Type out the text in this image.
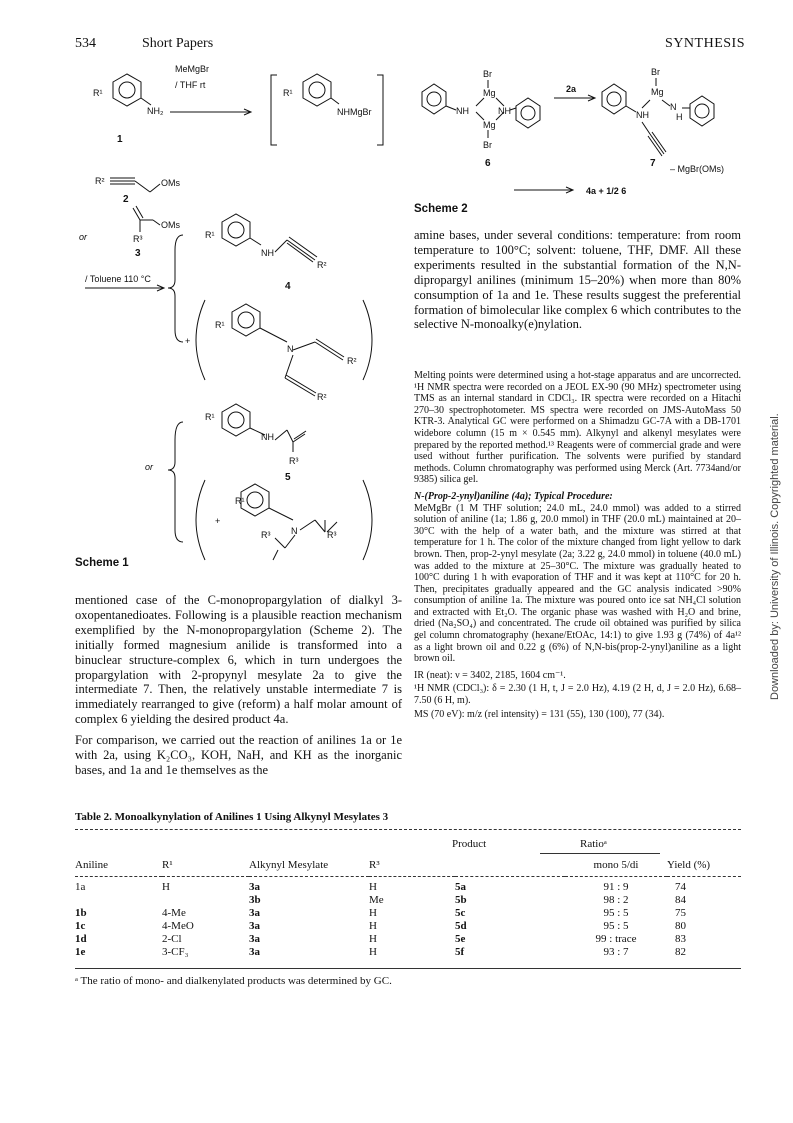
534	Short Papers	SYNTHESIS
Downloaded by: University of Illinois. Copyrighted material.
MeMgBr
/ THF rt
R¹
NH₂
R¹
NHMgBr
1
R²	OMs
2
or
OMs
R³
3
/ Toluene 110 °C
R¹
NH
R²
4
R¹
N
R²
R²
+
R¹
NH
R³
5
or
+
R¹
N
R³	R³
Scheme 1
Br
Mg
NH	NH
Mg
Br
6
2a
Br
Mg
NH
N
H
7 – MgBr(OMs)
4a + 1/2 6
Scheme 2

amine bases, under several conditions: temperature: from room temperature to 100°C; solvent: toluene, THF, DMF. All these experiments resulted in the substantial formation of the N,N-dipropargyl anilines (minimum 15–20%) when more than 80% consumption of 1a and 1e. These results suggest the preferential formation of bimolecular like complex 6 which contributes to the selective N-monoalky(e)nylation.

Melting points were determined using a hot-stage apparatus and are uncorrected. ¹H NMR spectra were recorded on a JEOL EX-90 (90 MHz) spectrometer using TMS as an internal standard in CDCl₃. IR spectra were recorded on a Hitachi 270–30 spectrophotometer. MS spectra were recorded on JMS-AutoMass 50 KTR-3. Analytical GC were performed on a Shimadzu GC-7A with a DB-1701 widebore column (15 m × 0.545 mm). Alkynyl and alkenyl mesylates were prepared by the reported method.¹³ Reagents were of commercial grade and were used without further purification. The solvents were purified by standard methods. Column chromatography was performed using Merck (Art. 7734and/or 9385) silica gel.

N-(Prop-2-ynyl)aniline (4a); Typical Procedure:

MeMgBr (1 M THF solution; 24.0 mL, 24.0 mmol) was added to a stirred solution of aniline (1a; 1.86 g, 20.0 mmol) in THF (20.0 mL) maintained at 20–30°C with the help of a water bath, and the mixture was stirred at that temperature for 1 h. The color of the mixture changed from light yellow to dark brown. Then, prop-2-ynyl mesylate (2a; 3.22 g, 24.0 mmol) in toluene (40.0 mL) was added to the mixture at 25–30°C. The mixture was gradually heated to 100°C during 1 h with evaporation of THF and it was kept at 110°C for 20 h. Then, precipitates gradually appeared and the GC analysis indicated >90% consumption of aniline 1a. The mixture was poured onto ice sat NH₄Cl solution and extracted with Et₂O. The organic phase was washed with H₂O and brine, dried (Na₂SO₄) and concentrated. The crude oil obtained was purified by silica gel column chromatography (hexane/EtOAc, 14:1) to give 1.93 g (74%) of 4a¹² as a light brown oil and 0.22 g (6%) of N,N-bis(prop-2-ynyl)aniline as a light brown oil.

IR (neat): ν = 3402, 2185, 1604 cm⁻¹.

¹H NMR (CDCl₃): δ = 2.30 (1 H, t, J = 2.0 Hz), 4.19 (2 H, d, J = 2.0 Hz), 6.68–7.50 (6 H, m).

MS (70 eV): m/z (rel intensity) = 131 (55), 130 (100), 77 (34).

mentioned case of the C-monopropargylation of dialkyl 3-oxopentanedioates. Following is a plausible reaction mechanism exemplified by the N-monopropargylation (Scheme 2). The initially formed magnesium anilide is transformed into a binuclear structure-complex 6, which in turn undergoes the propargylation with 2-propynyl mesylate 2a to give the intermediate 7. Then, the relatively unstable intermediate 7 is immediately rearranged to give (reform) a half molar amount of complex 6 yielding the desired product 4a.

For comparison, we carried out the reaction of anilines 1a or 1e with 2a, using K₂CO₃, KOH, NaH, and KH as the inorganic bases, and 1a and 1e themselves as the

Table 2. Monoalkynylation of Anilines 1 Using Alkynyl Mesylates 3
Product	Ratioᵃ
Aniline	R¹	Alkynyl Mesylate	R³		mono 5/di	Yield (%)

1a	H	3a	H	5a	91 : 9	74
		3b	Me	5b	98 : 2	84
1b	4-Me	3a	H	5c	95 : 5	75
1c	4-MeO	3a	H	5d	95 : 5	80
1d	2-Cl	3a	H	5e	99 : trace	83
1e	3-CF₃	3a	H	5f	93 : 7	82
ᵃ The ratio of mono- and dialkenylated products was determined by GC.
